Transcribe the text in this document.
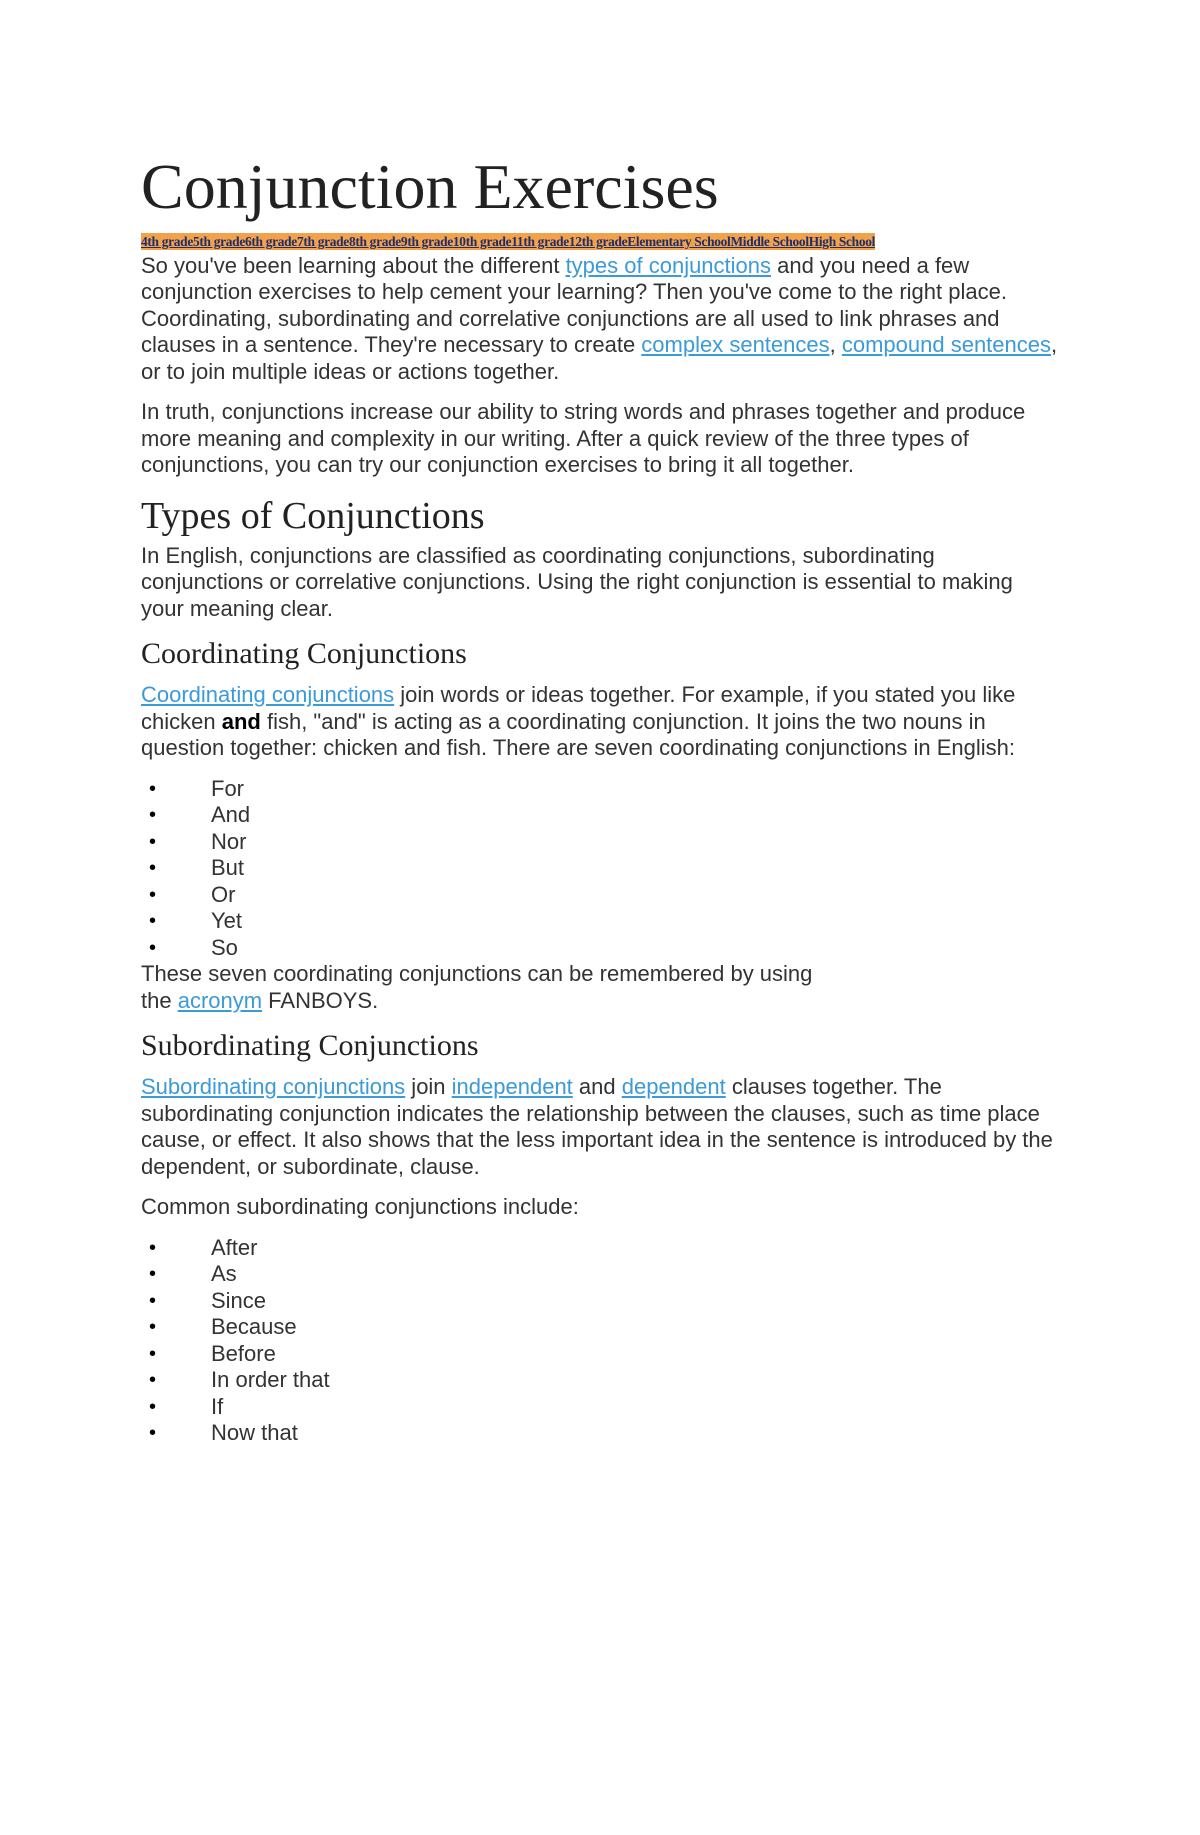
Conjunction Exercises
4th grade5th grade6th grade7th grade8th grade9th grade10th grade11th grade12th gradeElementary SchoolMiddle SchoolHigh School

So you've been learning about the different types of conjunctions and you need a few conjunction exercises to help cement your learning? Then you've come to the right place. Coordinating, subordinating and correlative conjunctions are all used to link phrases and clauses in a sentence. They're necessary to create complex sentences, compound sentences, or to join multiple ideas or actions together.

In truth, conjunctions increase our ability to string words and phrases together and produce more meaning and complexity in our writing. After a quick review of the three types of conjunctions, you can try our conjunction exercises to bring it all together.

Types of Conjunctions

In English, conjunctions are classified as coordinating conjunctions, subordinating conjunctions or correlative conjunctions. Using the right conjunction is essential to making your meaning clear.

Coordinating Conjunctions

Coordinating conjunctions join words or ideas together. For example, if you stated you like chicken and fish, "and" is acting as a coordinating conjunction. It joins the two nouns in question together: chicken and fish. There are seven coordinating conjunctions in English:

• For
• And
• Nor
• But
• Or
• Yet
• So

These seven coordinating conjunctions can be remembered by using the acronym FANBOYS.

Subordinating Conjunctions

Subordinating conjunctions join independent and dependent clauses together. The subordinating conjunction indicates the relationship between the clauses, such as time place cause, or effect. It also shows that the less important idea in the sentence is introduced by the dependent, or subordinate, clause.

Common subordinating conjunctions include:

• After
• As
• Since
• Because
• Before
• In order that
• If
• Now that
